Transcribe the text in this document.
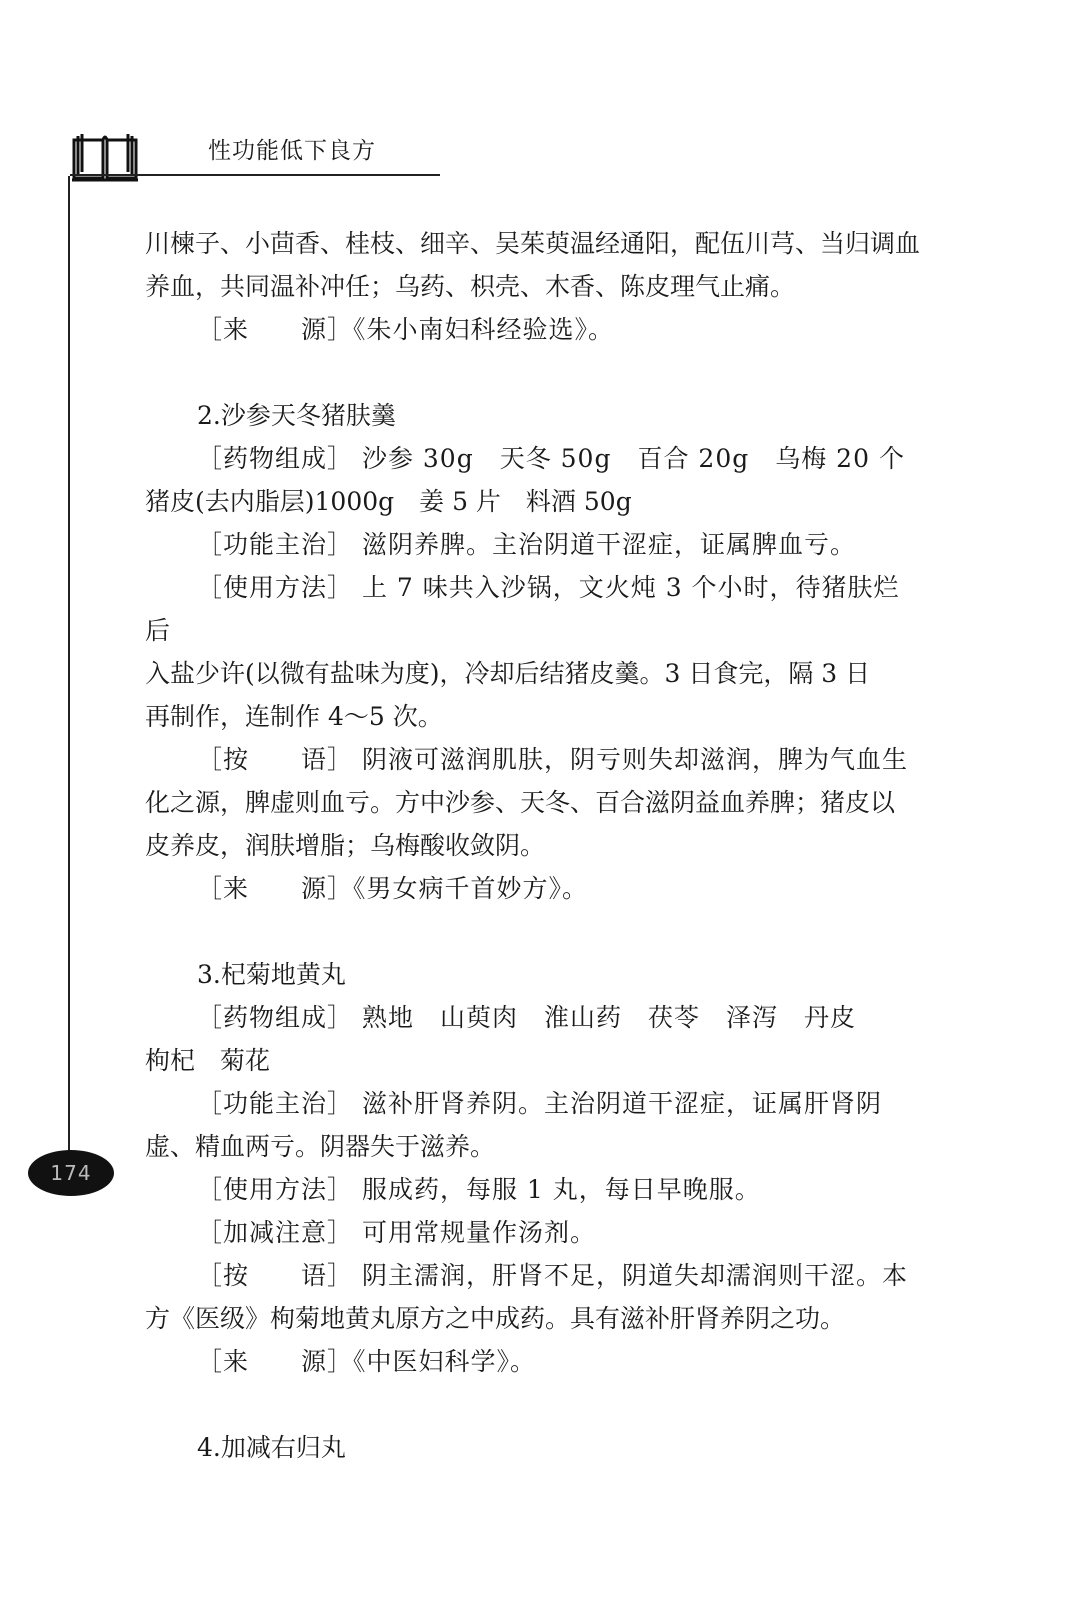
性功能低下良方
174

川楝子、小茴香、桂枝、细辛、吴茱萸温经通阳，配伍川芎、当归调血

养血，共同温补冲任；乌药、枳壳、木香、陈皮理气止痛。

［来　　源］《朱小南妇科经验选》。

2.沙参天冬猪肤羹

［药物组成］ 沙参 30g　天冬 50g　百合 20g　乌梅 20 个

猪皮(去内脂层)1000g　姜 5 片　料酒 50g

［功能主治］ 滋阴养脾。主治阴道干涩症，证属脾血亏。

［使用方法］ 上 7 味共入沙锅，文火炖 3 个小时，待猪肤烂后

入盐少许(以微有盐味为度)，冷却后结猪皮羹。3 日食完，隔 3 日

再制作，连制作 4～5 次。

［按　　语］ 阴液可滋润肌肤，阴亏则失却滋润，脾为气血生

化之源，脾虚则血亏。方中沙参、天冬、百合滋阴益血养脾；猪皮以

皮养皮，润肤增脂；乌梅酸收敛阴。

［来　　源］《男女病千首妙方》。

3.杞菊地黄丸

［药物组成］ 熟地　山萸肉　淮山药　茯苓　泽泻　丹皮

枸杞　菊花

［功能主治］ 滋补肝肾养阴。主治阴道干涩症，证属肝肾阴

虚、精血两亏。阴器失于滋养。

［使用方法］ 服成药，每服 1 丸，每日早晚服。

［加减注意］ 可用常规量作汤剂。

［按　　语］ 阴主濡润，肝肾不足，阴道失却濡润则干涩。本

方《医级》枸菊地黄丸原方之中成药。具有滋补肝肾养阴之功。

［来　　源］《中医妇科学》。

4.加减右归丸
